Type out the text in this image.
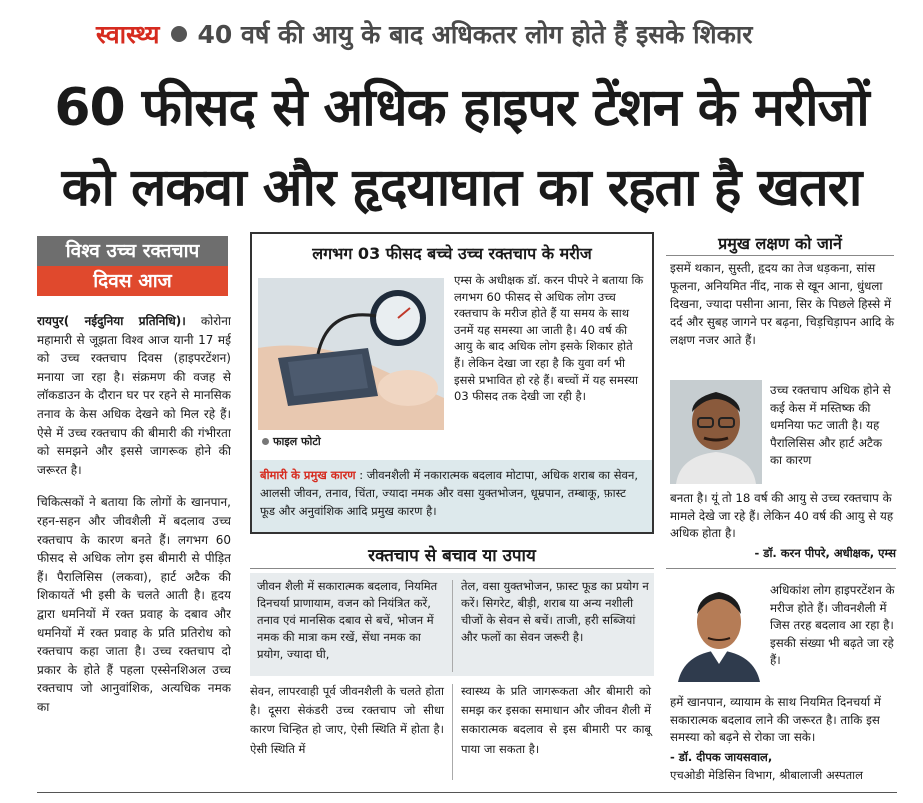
स्वास्थ्य 40 वर्ष की आयु के बाद अधिकतर लोग होते हैं इसके शिकार
60 फीसद से अधिक हाइपर टेंशन के मरीजों
को लकवा और हृदयाघात का रहता है खतरा
विश्व उच्च रक्तचाप
दिवस आज

रायपुर( नईदुनिया प्रतिनिधि)। कोरोना महामारी से जूझता विश्व आज यानी 17 मई को उच्च रक्तचाप दिवस (हाइपरटेंशन) मनाया जा रहा है। संक्रमण की वजह से लॉकडाउन के दौरान घर पर रहने से मानसिक तनाव के केस अधिक देखने को मिल रहे हैं। ऐसे में उच्च रक्तचाप की बीमारी की गंभीरता को समझने और इससे जागरूक होने की जरूरत है।

चिकित्सकों ने बताया कि लोगों के खानपान, रहन-सहन और जीवशैली में बदलाव उच्च रक्तचाप के कारण बनते हैं। लगभग 60 फीसद से अधिक लोग इस बीमारी से पीड़ित हैं। पैरालिसिस (लकवा), हार्ट अटैक की शिकायतें भी इसी के चलते आती है। हृदय द्वारा धमनियों में रक्त प्रवाह के दबाव और धमनियों में रक्त प्रवाह के प्रति प्रतिरोध को रक्तचाप कहा जाता है। उच्च रक्तचाप दो प्रकार के होते हैं पहला एस्सेनशिअल उच्च रक्तचाप जो आनुवांशिक, अत्यधिक नमक का

लगभग 03 फीसद बच्चे उच्च रक्तचाप के मरीज
फाइल फोटो
एम्स के अधीक्षक डॉ. करन पीपरे ने बताया कि लगभग 60 फीसद से अधिक लोग उच्च रक्तचाप के मरीज होते हैं या समय के साथ उनमें यह समस्या आ जाती है। 40 वर्ष की आयु के बाद अधिक लोग इसके शिकार होते हैं। लेकिन देखा जा रहा है कि युवा वर्ग भी इससे प्रभावित हो रहे हैं। बच्चों में यह समस्या 03 फीसद तक देखी जा रही है।
बीमारी के प्रमुख कारण : जीवनशैली में नकारात्मक बदलाव मोटापा, अधिक शराब का सेवन, आलसी जीवन, तनाव, चिंता, ज्यादा नमक और वसा युक्तभोजन, धूम्रपान, तम्बाकू, फ़ास्ट फूड और अनुवांशिक आदि प्रमुख कारण है।
रक्तचाप से बचाव या उपाय
जीवन शैली में सकारात्मक बदलाव, नियमित दिनचर्या प्राणायाम, वजन को नियंत्रित करें, तनाव एवं मानसिक दबाव से बचें, भोजन में नमक की मात्रा कम रखें, सेंधा नमक का प्रयोग, ज्यादा घी,
तेल, वसा युक्तभोजन, फ़ास्ट फूड का प्रयोग न करें। सिगरेट, बीड़ी, शराब या अन्य नशीली चीजों के सेवन से बचें। ताजी, हरी सब्जियां और फलों का सेवन जरूरी है।
सेवन, लापरवाही पूर्व जीवनशैली के चलते होता है। दूसरा सेकंडरी उच्च रक्तचाप जो सीधा कारण चिन्हित हो जाए, ऐसी स्थिति में होता है। ऐसी स्थिति में
स्वास्थ्य के प्रति जागरूकता और बीमारी को समझ कर इसका समाधान और जीवन शैली में सकारात्मक बदलाव से इस बीमारी पर काबू पाया जा सकता है।
प्रमुख लक्षण को जानें
इसमें थकान, सुस्ती, हृदय का तेज धड़कना, सांस फूलना, अनियमित नींद, नाक से खून आना, धुंधला दिखना, ज्यादा पसीना आना, सिर के पिछले हिस्से में दर्द और सुबह जागने पर बढ़ना, चिड़चिड़ापन आदि के लक्षण नजर आते हैं।
उच्च रक्तचाप अधिक होने से कई केस में मस्तिष्क की धमनिया फट जाती है। यह पैरालिसिस और हार्ट अटैक का कारण
बनता है। यूं तो 18 वर्ष की आयु से उच्च रक्तचाप के मामले देखे जा रहे हैं। लेकिन 40 वर्ष की आयु से यह अधिक होता है।
- डॉ. करन पीपरे, अधीक्षक, एम्स
अधिकांश लोग हाइपरटेंशन के मरीज होते हैं। जीवनशैली में जिस तरह बदलाव आ रहा है। इसकी संख्या भी बढ़ते जा रहे हैं।
हमें खानपान, व्यायाम के साथ नियमित दिनचर्या में सकारात्मक बदलाव लाने की जरूरत है। ताकि इस समस्या को बढ़ने से रोका जा सके।
- डॉ. दीपक जायसवाल,
एचओडी मेडिसिन विभाग, श्रीबालाजी अस्पताल
